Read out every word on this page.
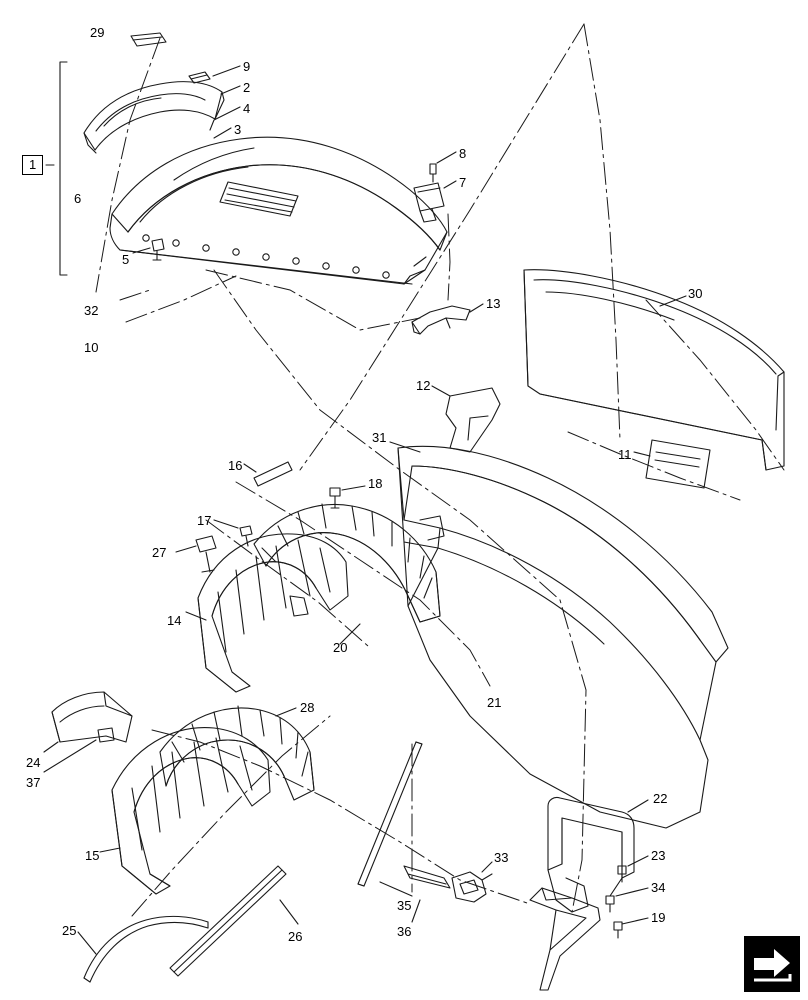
1
29
9
2
4
3
8
7
6
5
30
32	13
10
12
11
31
16
18
17
27
14
20
21
28
24
37
22
15	33	23
34
35
19
36
25	26
